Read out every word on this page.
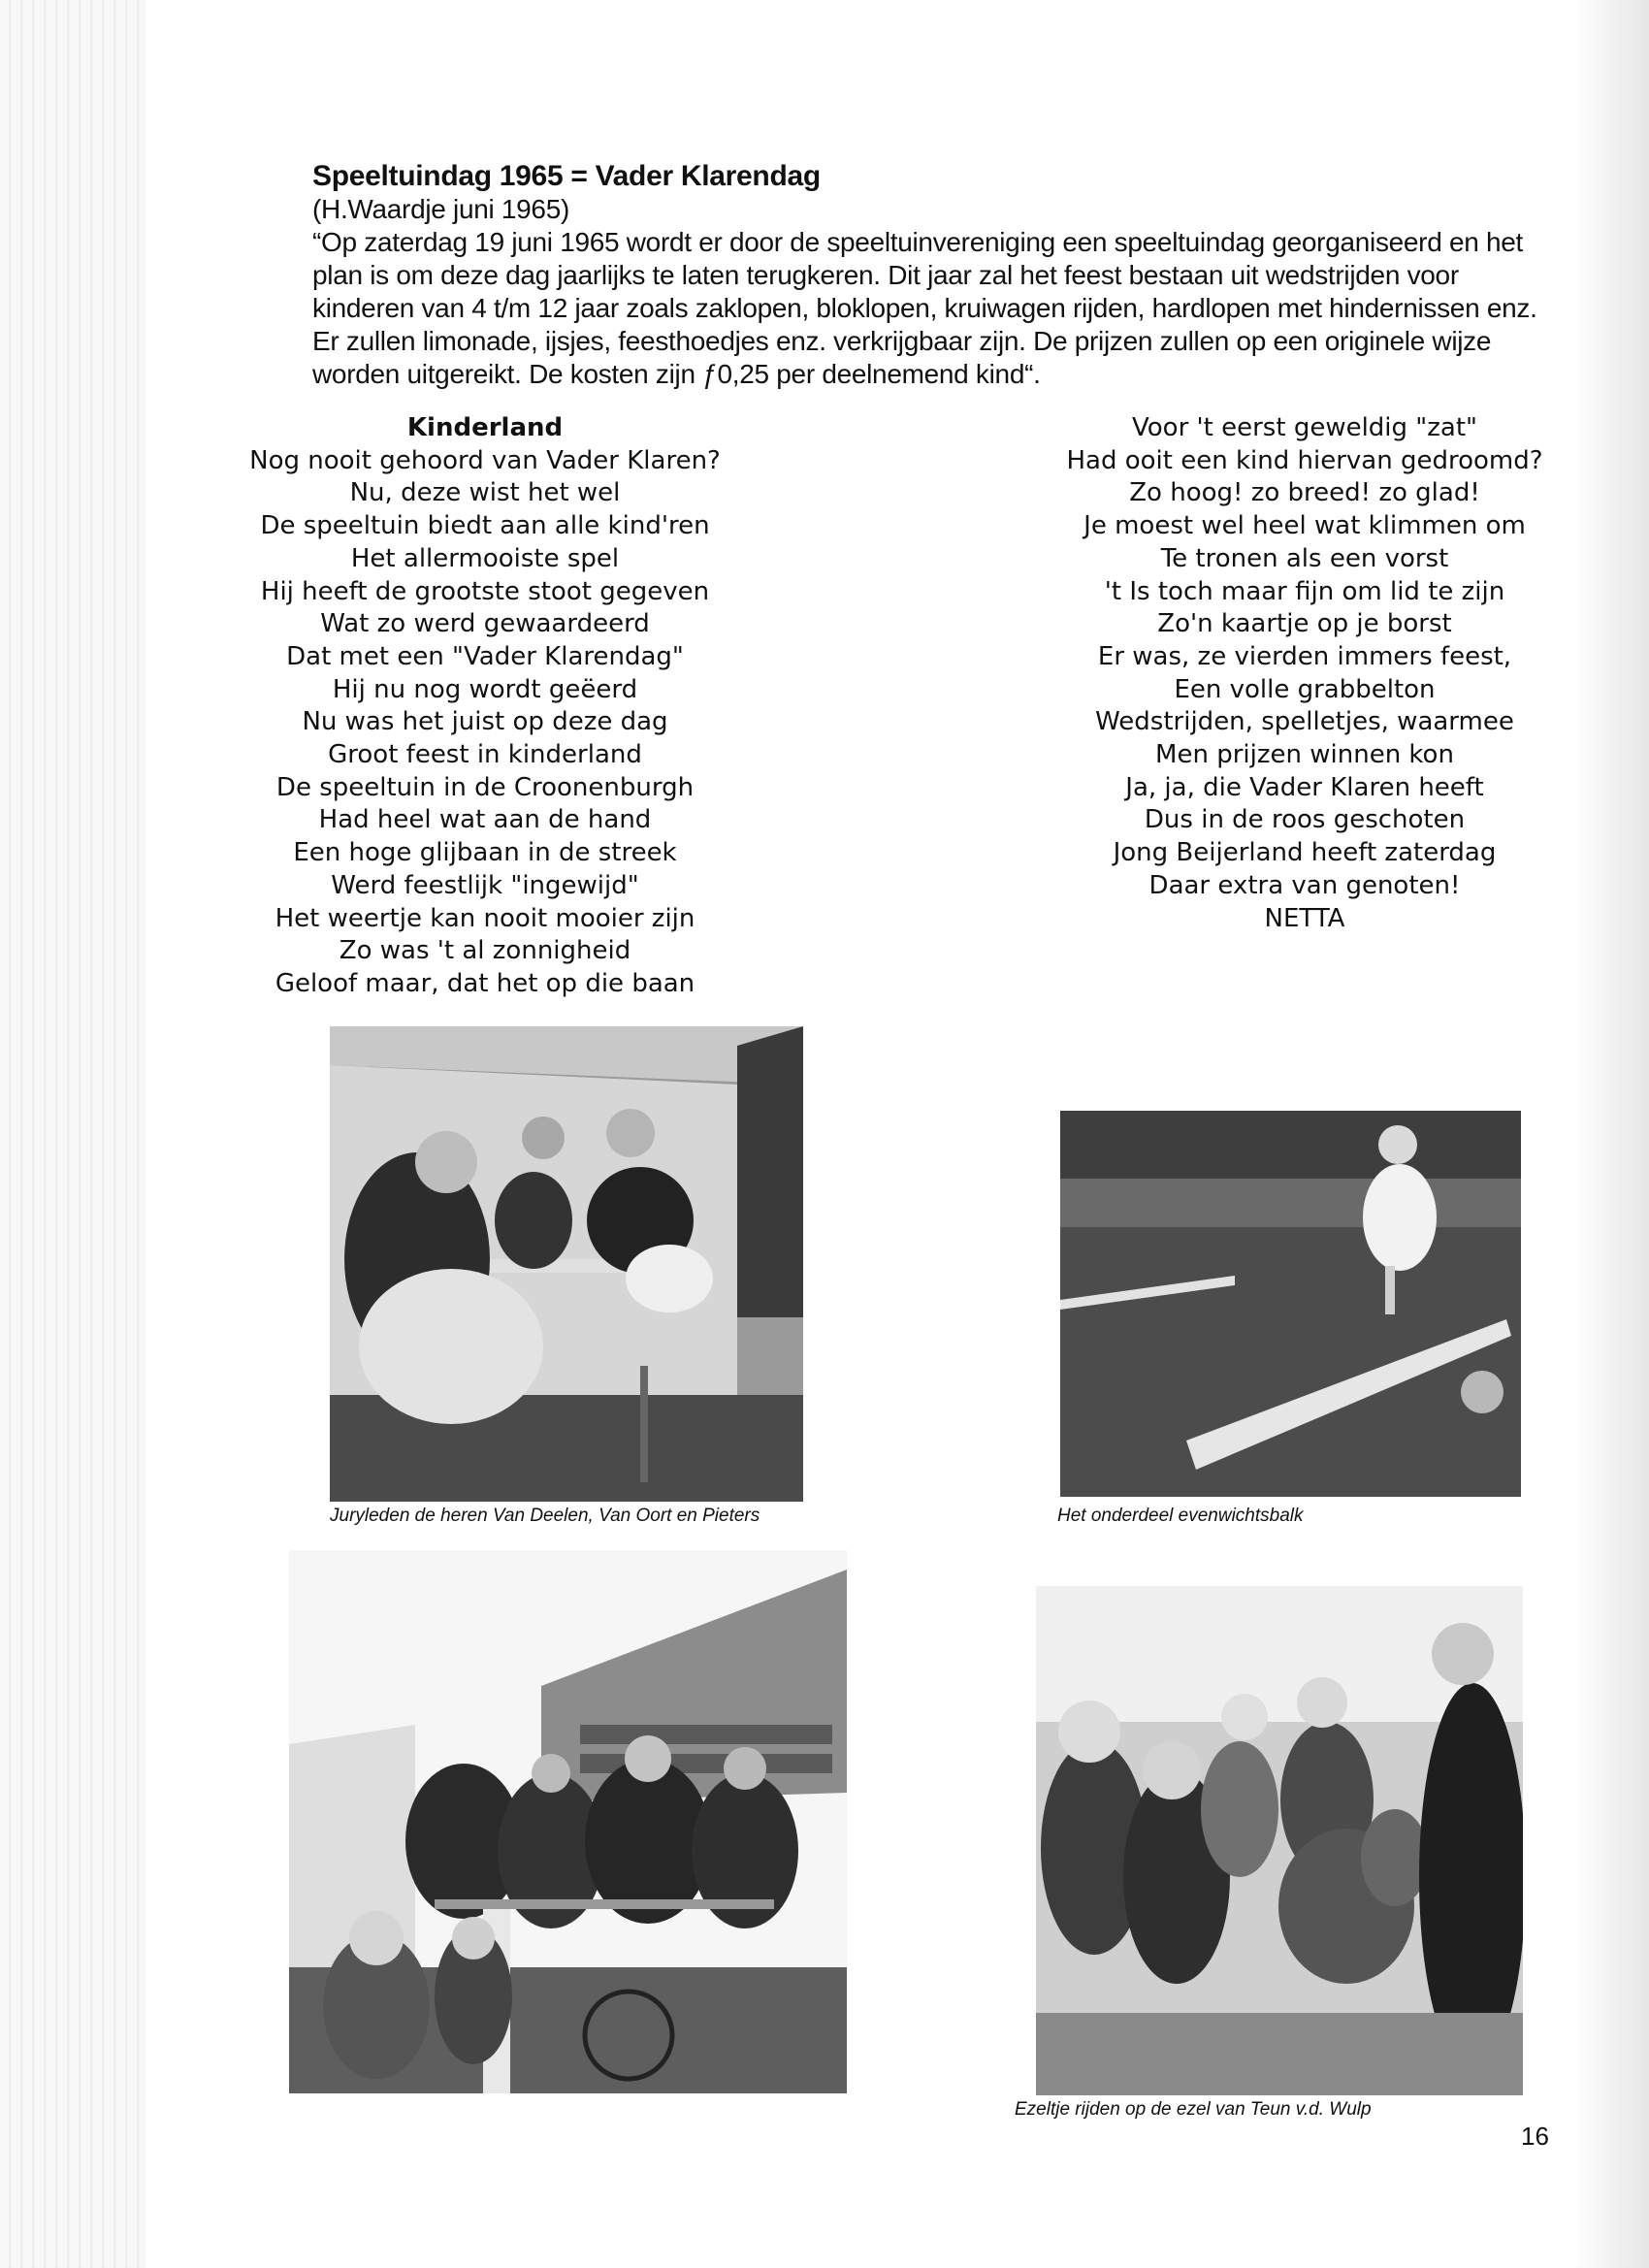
Speeltuindag 1965 = Vader Klarendag
(H.Waardje juni 1965)
“Op zaterdag 19 juni 1965 wordt er door de speeltuinvereniging een speeltuindag georganiseerd en het plan is om deze dag jaarlijks te laten terugkeren. Dit jaar zal het feest bestaan uit wedstrijden voor kinderen van 4 t/m 12 jaar zoals zaklopen, bloklopen, kruiwagen rijden, hardlopen met hindernissen enz. Er zullen limonade, ijsjes, feesthoedjes enz. verkrijgbaar zijn. De prijzen zullen op een originele wijze worden uitgereikt. De kosten zijn ƒ0,25 per deelnemend kind“.
Kinderland
Nog nooit gehoord van Vader Klaren?
Nu, deze wist het wel
De speeltuin biedt aan alle kind'ren
Het allermooiste spel
Hij heeft de grootste stoot gegeven
Wat zo werd gewaardeerd
Dat met een "Vader Klarendag"
Hij nu nog wordt geëerd
Nu was het juist op deze dag
Groot feest in kinderland
De speeltuin in de Croonenburgh
Had heel wat aan de hand
Een hoge glijbaan in de streek
Werd feestlijk "ingewijd"
Het weertje kan nooit mooier zijn
Zo was 't al zonnigheid
Geloof maar, dat het op die baan
Voor 't eerst geweldig "zat"
Had ooit een kind hiervan gedroomd?
Zo hoog! zo breed! zo glad!
Je moest wel heel wat klimmen om
Te tronen als een vorst
't Is toch maar fijn om lid te zijn
Zo'n kaartje op je borst
Er was, ze vierden immers feest,
Een volle grabbelton
Wedstrijden, spelletjes, waarmee
Men prijzen winnen kon
Ja, ja, die Vader Klaren heeft
Dus in de roos geschoten
Jong Beijerland heeft zaterdag
Daar extra van genoten!
NETTA
Juryleden de heren Van Deelen, Van Oort en Pieters	Het onderdeel evenwichtsbalk
Ezeltje rijden op de ezel van Teun v.d. Wulp
16
